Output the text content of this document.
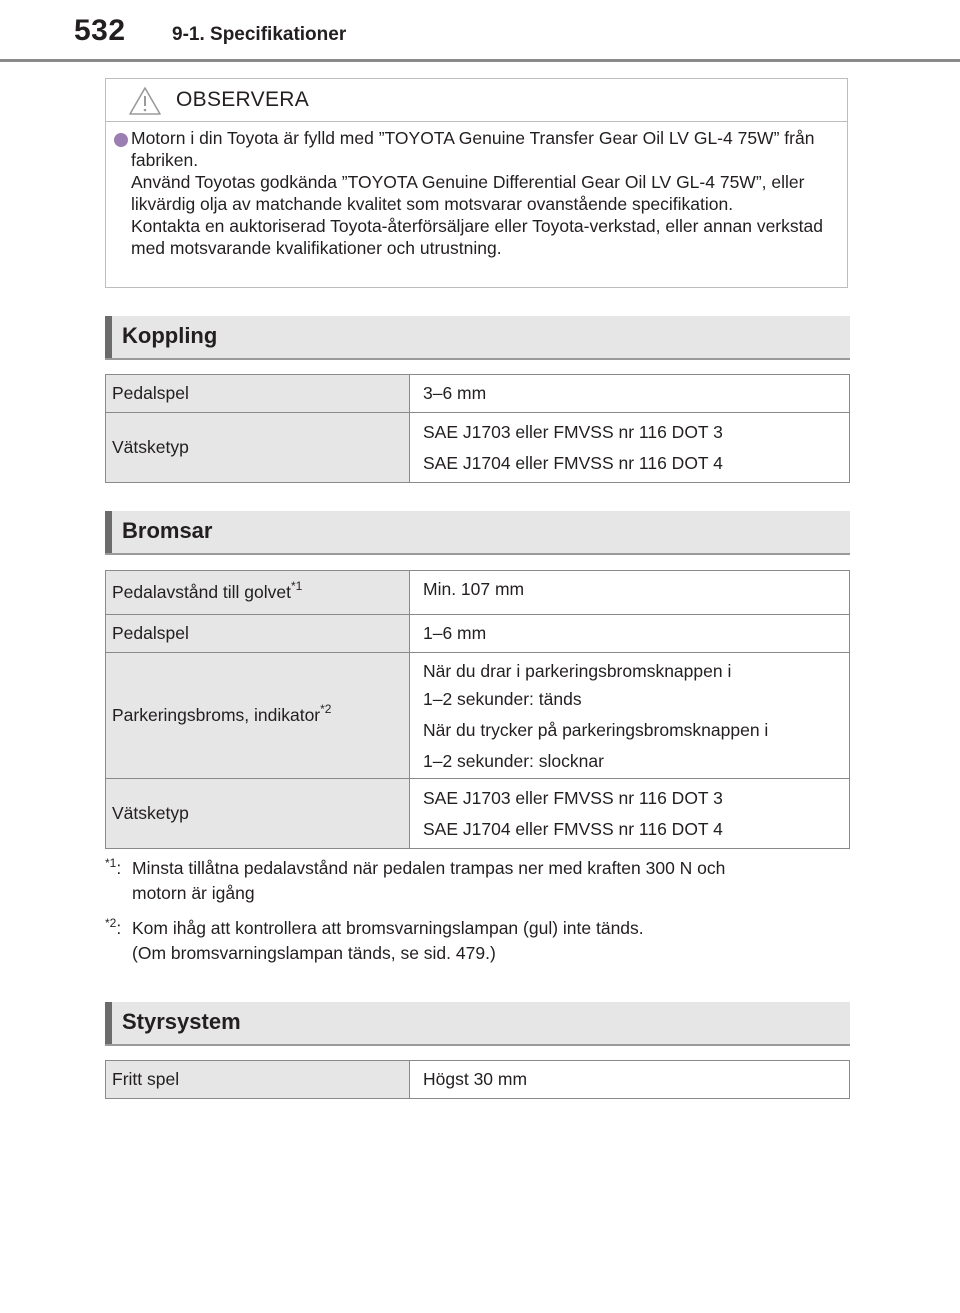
532 9-1. Specifikationer
OBSERVERA

Motorn i din Toyota är fylld med ”TOYOTA Genuine Transfer Gear Oil LV GL-4 75W” från fabriken.

Använd Toyotas godkända ”TOYOTA Genuine Differential Gear Oil LV GL-4 75W”, eller likvärdig olja av matchande kvalitet som motsvarar ovanstående specifikation.

Kontakta en auktoriserad Toyota-återförsäljare eller Toyota-verkstad, eller annan verkstad med motsvarande kvalifikationer och utrustning.

Koppling
Pedalspel	3–6 mm

Vätsketyp	SAE J1703 eller FMVSS nr 116 DOT 3
SAE J1704 eller FMVSS nr 116 DOT 4
Bromsar
Pedalavstånd till golvet$^{*1}$	Min. 107 mm

Pedalspel	1–6 mm

Parkeringsbroms, indikator$^{*2}$	När du drar i parkeringsbromsknappen i
1–2 sekunder: tänds
När du trycker på parkeringsbromsknappen i
1–2 sekunder: slocknar

Vätsketyp	SAE J1703 eller FMVSS nr 116 DOT 3
SAE J1704 eller FMVSS nr 116 DOT 4
$^{*1}$: Minsta tillåtna pedalavstånd när pedalen trampas ner med kraften 300 N och
motorn är igång
$^{*2}$: Kom ihåg att kontrollera att bromsvarningslampan (gul) inte tänds.
(Om bromsvarningslampan tänds, se sid. 479.)
Styrsystem
Fritt spel	Högst 30 mm
